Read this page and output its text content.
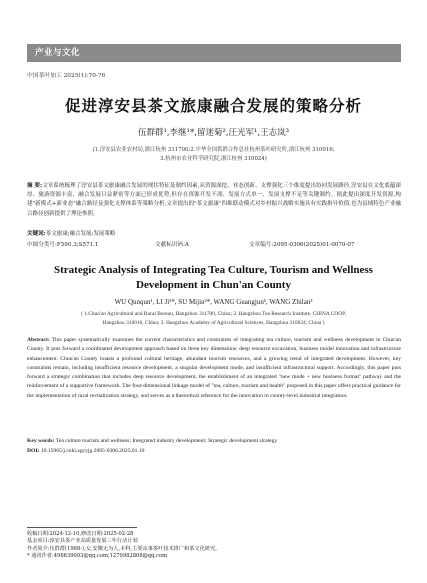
产业与文化
中国茶叶加工 2025(1):70-76
促进淳安县茶文旅康融合发展的策略分析
伍群群¹,李继¹*,留迷菊²,汪光军¹,王志岚³
(1.淳安县农业农村局,浙江杭州 311700;2.中华全国供销合作总社杭州茶叶研究所,浙江杭州 310016;
3.杭州市农业科学研究院,浙江杭州 310024)

摘 要:文章系统梳理了淳安县茶文旅康融合发展的现状特征及制约因素,从资源深挖、业态创新、支撑强化三个维度提出协同发展路径,淳安县在文化底蕴深厚、旅游资源丰富、融合发展日益紧密等方面已形成优势,但存在资源开发不深、发展方式单一、发展支撑不足等关键制约。据此提出深度开发资源,构建"新模式+新业态"融合路径及强化支撑体系等策略分析,文章提出的"茶文旅康"四维联动模式对乡村振兴战略实施具有实践指导价值,也为县域特色产业融合路径创新提供了理论参照。

关键词:茶文旅康;融合发展;发展策略

中图分类号:F590.3;S571.1	文献标识码:A	文章编号:2095-0306(2025)01-0070-07
Strategic Analysis of Integrating Tea Culture, Tourism and Wellness Development in Chun'an County
WU Qunqun¹, LI Ji¹*, SU Mijiu²*, WANG Guangjun¹, WANG Zhilan³
( 1.Chun'an Agricultural and Rural Bureau, Hangzhou 311700, China; 2. Hangzhou Tea Research Institute, CHINA COOP,
Hangzhou 310016, China; 3. Hangzhou Academy of Agricultural Sciences, Hangzhou 310024, China )

Abstract: This paper systematically examines the current characteristics and constraints of integrating tea culture, tourism and wellness development in Chun'an County. It puts forward a coordinated development approach based on three key dimensions: deep resource excavation, business model innovation and infrastructure enhancement. Chun'an County boasts a profound cultural heritage, abundant tourism resources, and a growing trend of integrated development. However, key constraints remain, including insufficient resource development, a singular development mode, and insufficient infrastructural support. Accordingly, this paper puts forward a strategic combination that includes deep resource development, the establishment of an integrated "new mode + new business format" pathway and the reinforcement of a supportive framework. The four-dimensional linkage model of "tea, culture, tourism and health" proposed in this paper offers practical guidance for the implementation of rural revitalization strategy, and serves as a theoretical reference for the innovation in county-level industrial integration.

Key words: Tea culture tourism and wellness; Integrated industry development; Strategic development strategy

DOI: 10.15905/j.cnki.zgcyjg.2095-0306.2025.01.10

收稿日期:2024-12-10,修改日期:2025-02-28
基金项目:淳安县茶产业高质量发展三年行动计划
作者简介:伍群群(1988-),女,安徽无为人,本科,主要从事茶叶技术推广和茶文化研究。
* 通讯作者:498639093@qq.com;1270982808@qq.com
